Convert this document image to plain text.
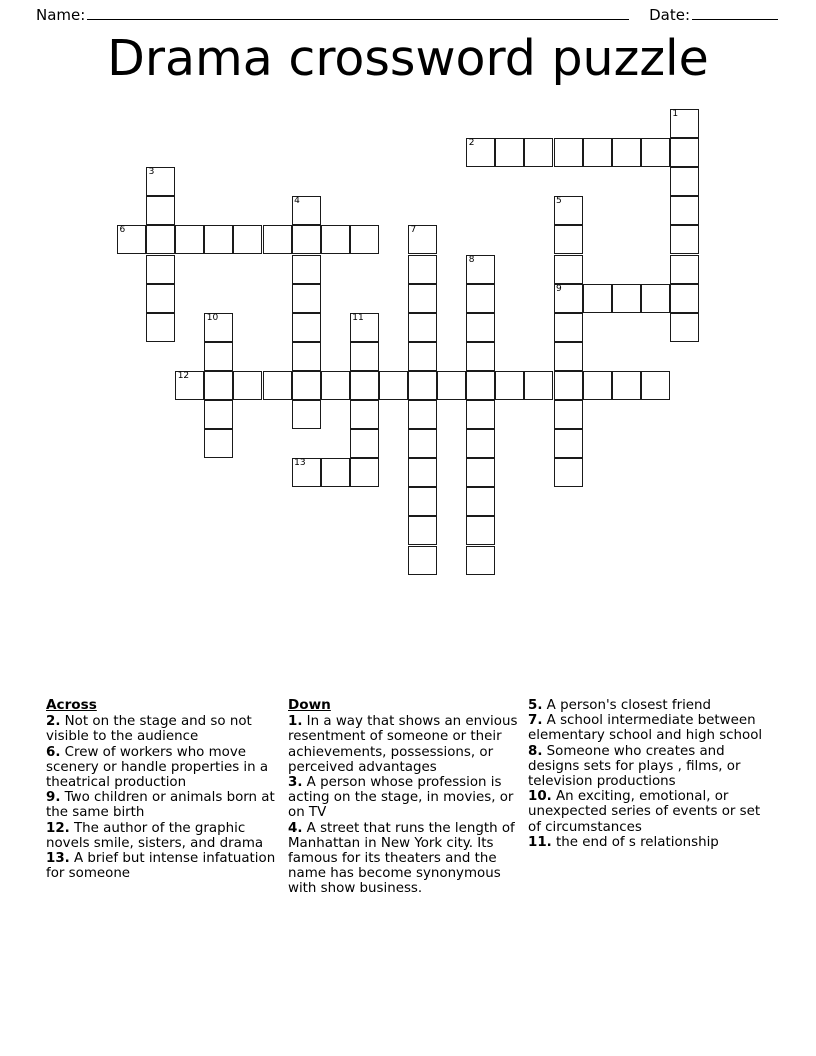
Name:	Date:
Drama crossword puzzle
1
2
3
4	5
9
6	7
8
10	11
12
13
Across
2. Not on the stage and so not visible to the audience
6. Crew of workers who move scenery or handle properties in a theatrical production
9. Two children or animals born at the same birth
12. The author of the graphic novels smile, sisters, and drama
13. A brief but intense infatuation for someone
Down
1. In a way that shows an envious resentment of someone or their achievements, possessions, or perceived advantages
3. A person whose profession is acting on the stage, in movies, or on TV
4. A street that runs the length of Manhattan in New York city. Its famous for its theaters and the name has become synonymous with show business.
5. A person's closest friend
7. A school intermediate between elementary school and high school
8. Someone who creates and designs sets for plays , films, or television productions
10. An exciting, emotional, or unexpected series of events or set of circumstances
11. the end of s relationship
